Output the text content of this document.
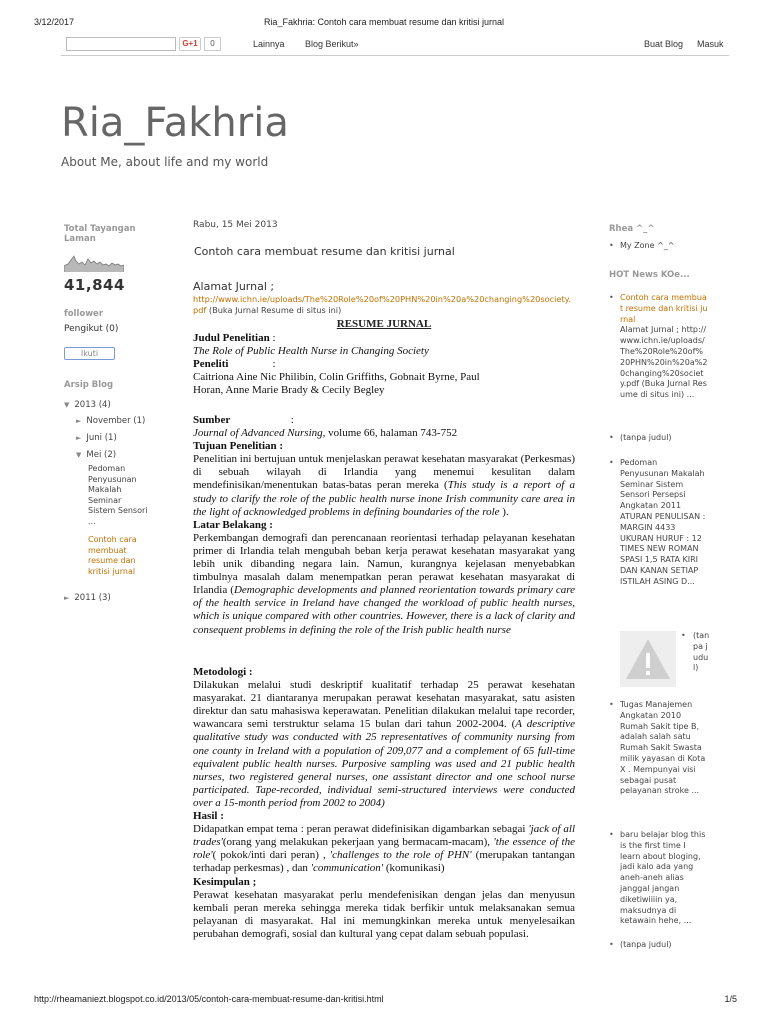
3/12/2017	Ria_Fakhria: Contoh cara membuat resume dan kritisi jurnal
G+1	0	Lainnya Blog Berikut»	Buat Blog Masuk
Ria_Fakhria
About Me, about life and my world
Total Tayangan Laman
41,844
follower
Pengikut (0)
Ikuti
Arsip Blog
▼ 2013 (4)
► November (1)
► Juni (1)
▼ Mei (2)
Pedoman Penyusunan Makalah Seminar Sistem Sensori ...
Contoh cara membuat resume dan kritisi jurnal
► 2011 (3)
Rabu, 15 Mei 2013
Contoh cara membuat resume dan kritisi jurnal
Alamat Jurnal ;
http://www.ichn.ie/uploads/The%20Role%20of%20PHN%20in%20a%20changing%20society.pdf (Buka Jurnal Resume di situs ini)
RESUME JURNAL
Judul Penelitian :
The Role of Public Health Nurse in Changing Society
Peneliti                :
Caitriona Aine Nic Philibin, Colin Griffiths, Gobnait Byrne, Paul Horan, Anne Marie Brady & Cecily Begley
Sumber                      :
Journal of Advanced Nursing, volume 66, halaman 743-752
Tujuan Penelitian :
Penelitian ini bertujuan untuk menjelaskan perawat kesehatan masyarakat (Perkesmas) di sebuah wilayah di Irlandia yang menemui kesulitan dalam mendefinisikan/menentukan batas-batas peran mereka (This study is a report of a study to clarify the role of the public health nurse inone Irish community care area in the light of acknowledged problems in defining boundaries of the role ).
Latar Belakang :
Perkembangan demografi dan perencanaan reorientasi terhadap pelayanan kesehatan primer di Irlandia telah mengubah beban kerja perawat kesehatan masyarakat yang lebih unik dibanding negara lain. Namun, kurangnya kejelasan menyebabkan timbulnya masalah dalam menempatkan peran perawat kesehatan masyarakat di Irlandia (Demographic developments and planned reorientation towards primary care of the health service in Ireland have changed the workload of public health nurses, which is unique compared with other countries. However, there is a lack of clarity and consequent problems in defining the role of the Irish public health nurse
Metodologi :
Dilakukan melalui studi deskriptif kualitatif terhadap 25 perawat kesehatan masyarakat. 21 diantaranya merupakan perawat kesehatan masyarakat, satu asisten direktur dan satu mahasiswa keperawatan. Penelitian dilakukan melalui tape recorder, wawancara semi terstruktur selama 15 bulan dari tahun 2002-2004. (A descriptive qualitative study was conducted with 25 representatives of community nursing from one county in Ireland with a population of 209,077 and a complement of 65 full-time equivalent public health nurses. Purposive sampling was used and 21 public health nurses, two registered general nurses, one assistant director and one school nurse participated. Tape-recorded, individual semi-structured interviews were conducted over a 15-month period from 2002 to 2004)
Hasil :
Didapatkan empat tema : peran perawat didefinisikan digambarkan sebagai 'jack of all trades'(orang yang melakukan pekerjaan yang bermacam-macam), 'the essence of the role'( pokok/inti dari peran) , 'challenges to the role of PHN' (merupakan tantangan terhadap perkesmas) , dan 'communication' (komunikasi)
Kesimpulan ;
Perawat kesehatan masyarakat perlu mendefenisikan dengan jelas dan menyusun kembali peran mereka sehingga mereka tidak berfikir untuk melaksanakan semua pelayanan di masyarakat. Hal ini memungkinkan mereka untuk menyelesaikan perubahan demografi, sosial dan kultural yang cepat dalam sebuah populasi.
Rhea ^_^
• My Zone ^_^
HOT News KOe...
• Contoh cara membuat resume dan kritisi jurnal
Alamat Jurnal ; http://www.ichn.ie/uploads/The%20Role%20of%20PHN%20in%20a%20changing%20society.pdf (Buka Jurnal Resume di situs ini) ...
• (tanpa judul)
• Pedoman Penyusunan Makalah Seminar Sistem Sensori Persepsi Angkatan 2011 ATURAN PENULISAN : MARGIN 4433 UKURAN HURUF : 12 TIMES NEW ROMAN SPASI 1,5 RATA KIRI DAN KANAN SETIAP ISTILAH ASING D...
• (tanpa judul)
• Tugas Manajemen Angkatan 2010 Rumah Sakit tipe B, adalah salah satu Rumah Sakit Swasta milik yayasan di Kota X . Mempunyai visi sebagai pusat pelayanan stroke ...
• baru belajar blog this is the first time I learn about bloging, jadi kalo ada yang aneh-aneh alias janggal jangan diketiwiiiin ya, maksudnya di ketawain hehe, ...
• (tanpa judul)
http://rheamaniezt.blogspot.co.id/2013/05/contoh-cara-membuat-resume-dan-kritisi.html	1/5
